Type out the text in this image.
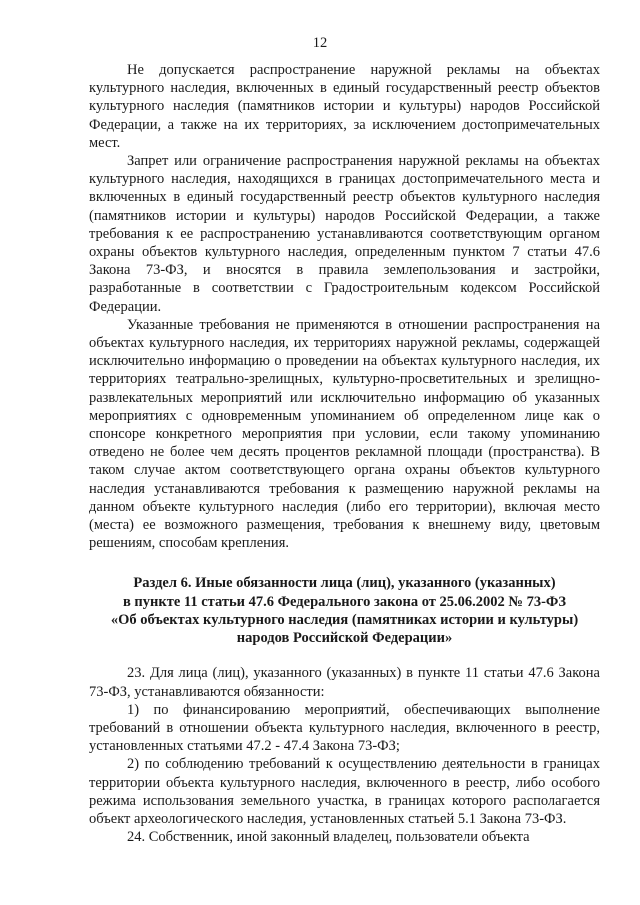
12

Не допускается распространение наружной рекламы на объектах культурного наследия, включенных в единый государственный реестр объектов культурного наследия (памятников истории и культуры) народов Российской Федерации, а также на их территориях, за исключением достопримечательных мест.

Запрет или ограничение распространения наружной рекламы на объектах культурного наследия, находящихся в границах достопримечательного места и включенных в единый государственный реестр объектов культурного наследия (памятников истории и культуры) народов Российской Федерации, а также требования к ее распространению устанавливаются соответствующим органом охраны объектов культурного наследия, определенным пунктом 7 статьи 47.6 Закона 73-ФЗ, и вносятся в правила землепользования и застройки, разработанные в соответствии с Градостроительным кодексом Российской Федерации.

Указанные требования не применяются в отношении распространения на объектах культурного наследия, их территориях наружной рекламы, содержащей исключительно информацию о проведении на объектах культурного наследия, их территориях театрально-зрелищных, культурно-просветительных и зрелищно-развлекательных мероприятий или исключительно информацию об указанных мероприятиях с одновременным упоминанием об определенном лице как о спонсоре конкретного мероприятия при условии, если такому упоминанию отведено не более чем десять процентов рекламной площади (пространства). В таком случае актом соответствующего органа охраны объектов культурного наследия устанавливаются требования к размещению наружной рекламы на данном объекте культурного наследия (либо его территории), включая место (места) ее возможного размещения, требования к внешнему виду, цветовым решениям, способам крепления.

Раздел 6. Иные обязанности лица (лиц), указанного (указанных)
в пункте 11 статьи 47.6 Федерального закона от 25.06.2002 № 73-ФЗ
«Об объектах культурного наследия (памятниках истории и культуры)
народов Российской Федерации»

23. Для лица (лиц), указанного (указанных) в пункте 11 статьи 47.6 Закона 73-ФЗ, устанавливаются обязанности:

1) по финансированию мероприятий, обеспечивающих выполнение требований в отношении объекта культурного наследия, включенного в реестр, установленных статьями 47.2 - 47.4 Закона 73-ФЗ;

2) по соблюдению требований к осуществлению деятельности в границах территории объекта культурного наследия, включенного в реестр, либо особого режима использования земельного участка, в границах которого располагается объект археологического наследия, установленных статьей 5.1 Закона 73-ФЗ.

24. Собственник, иной законный владелец, пользователи объекта
